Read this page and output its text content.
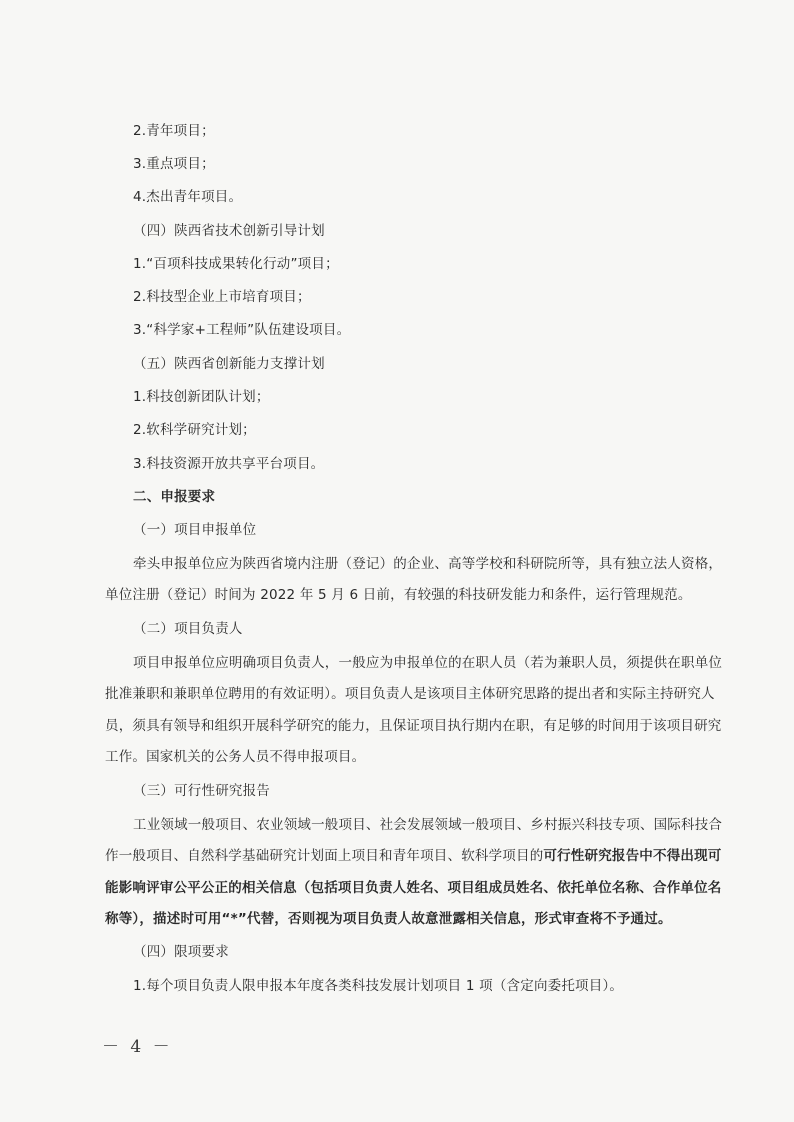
2.青年项目；
3.重点项目；
4.杰出青年项目。
（四）陕西省技术创新引导计划
1.“百项科技成果转化行动”项目；
2.科技型企业上市培育项目；
3.“科学家+工程师”队伍建设项目。
（五）陕西省创新能力支撑计划
1.科技创新团队计划；
2.软科学研究计划；
3.科技资源开放共享平台项目。
二、申报要求
（一）项目申报单位
牵头申报单位应为陕西省境内注册（登记）的企业、高等学校和科研院所等，具有独立法人资格，
单位注册（登记）时间为 2022 年 5 月 6 日前，有较强的科技研发能力和条件，运行管理规范。
（二）项目负责人
项目申报单位应明确项目负责人，一般应为申报单位的在职人员（若为兼职人员，须提供在职单位
批准兼职和兼职单位聘用的有效证明）。项目负责人是该项目主体研究思路的提出者和实际主持研究人
员，须具有领导和组织开展科学研究的能力，且保证项目执行期内在职，有足够的时间用于该项目研究
工作。国家机关的公务人员不得申报项目。
（三）可行性研究报告
工业领域一般项目、农业领域一般项目、社会发展领域一般项目、乡村振兴科技专项、国际科技合
作一般项目、自然科学基础研究计划面上项目和青年项目、软科学项目的可行性研究报告中不得出现可
能影响评审公平公正的相关信息（包括项目负责人姓名、项目组成员姓名、依托单位名称、合作单位名
称等），描述时可用“*”代替，否则视为项目负责人故意泄露相关信息，形式审查将不予通过。
（四）限项要求
1.每个项目负责人限申报本年度各类科技发展计划项目 1 项（含定向委托项目）。
－ 4 －
